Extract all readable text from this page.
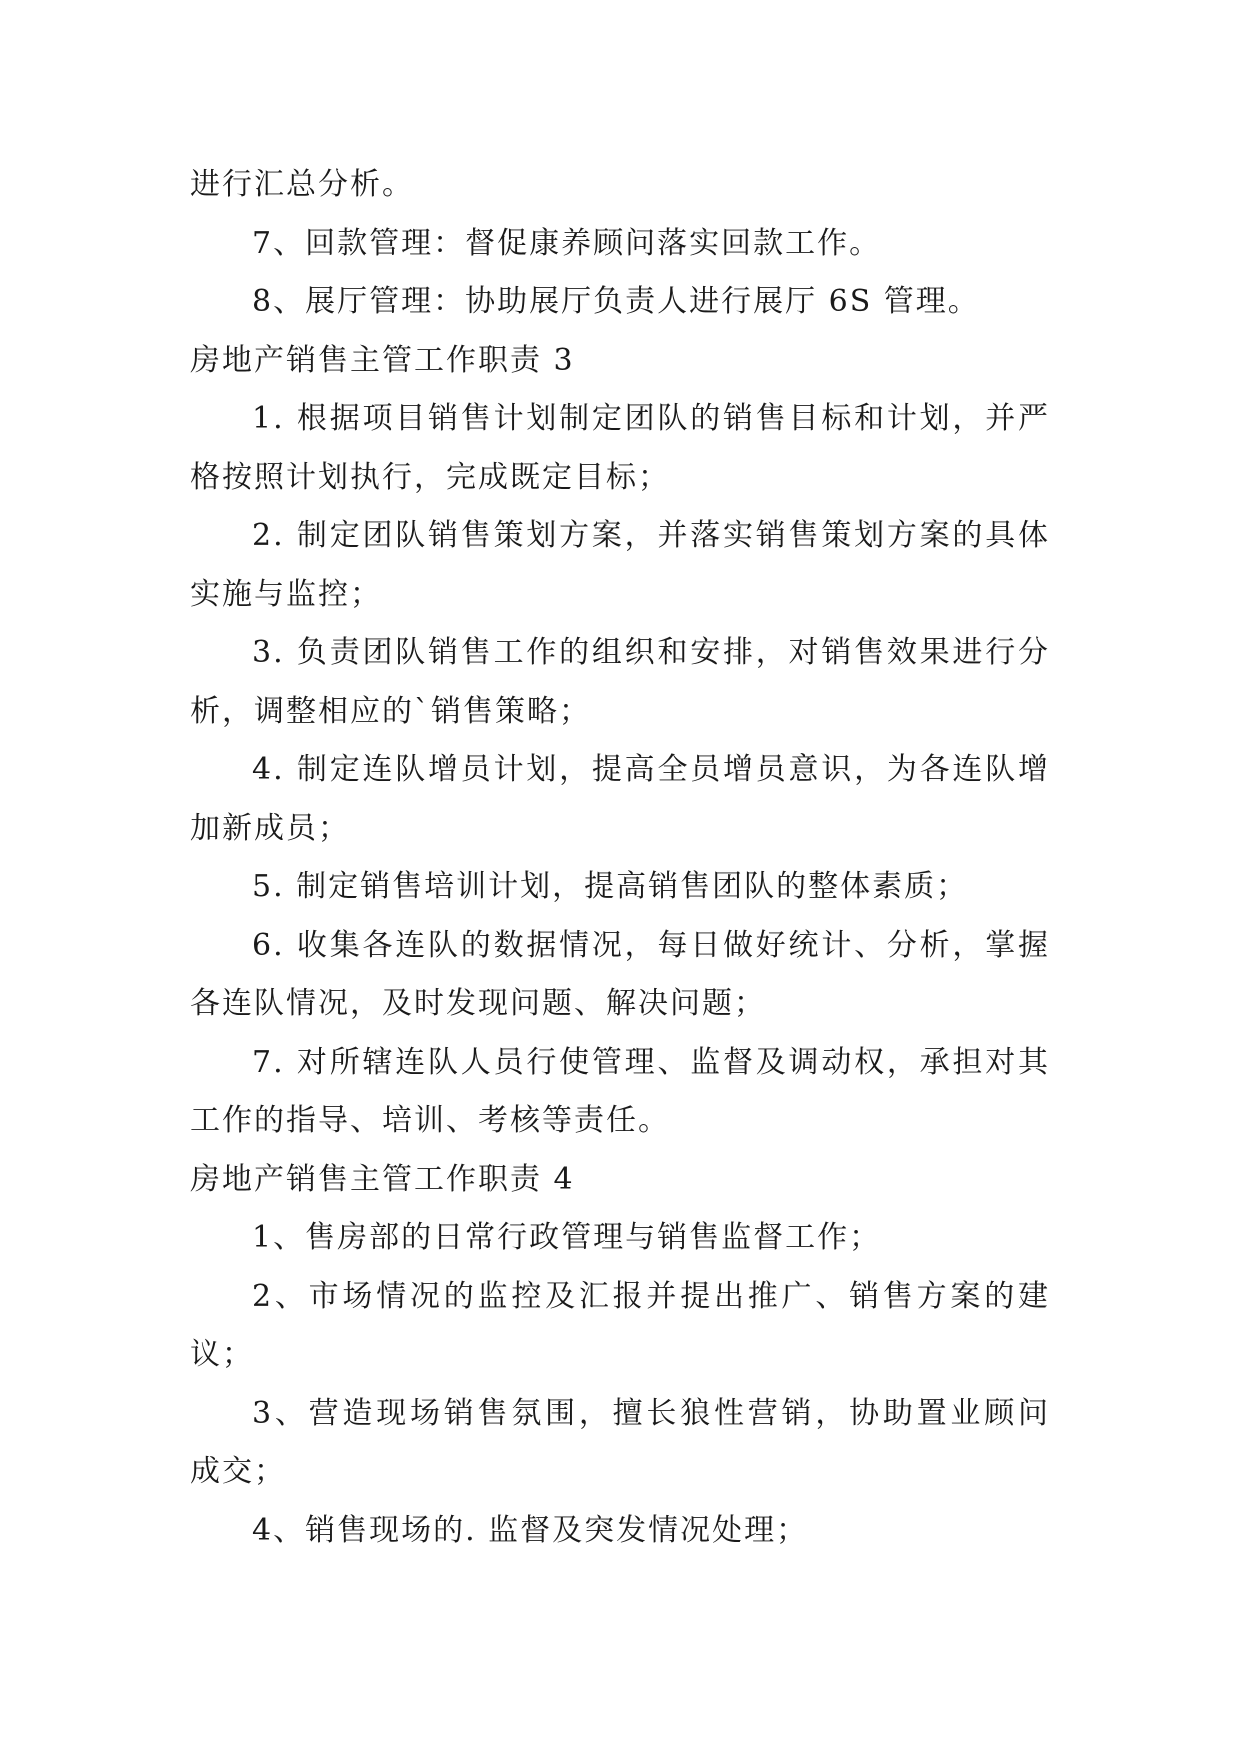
进行汇总分析。
7、回款管理：督促康养顾问落实回款工作。
8、展厅管理：协助展厅负责人进行展厅 6S 管理。
房地产销售主管工作职责 3
1. 根据项目销售计划制定团队的销售目标和计划，并严
格按照计划执行，完成既定目标；
2. 制定团队销售策划方案，并落实销售策划方案的具体
实施与监控；
3. 负责团队销售工作的组织和安排，对销售效果进行分
析，调整相应的`销售策略；
4. 制定连队增员计划，提高全员增员意识，为各连队增
加新成员；
5. 制定销售培训计划，提高销售团队的整体素质；
6. 收集各连队的数据情况，每日做好统计、分析，掌握
各连队情况，及时发现问题、解决问题；
7. 对所辖连队人员行使管理、监督及调动权，承担对其
工作的指导、培训、考核等责任。
房地产销售主管工作职责 4
1、售房部的日常行政管理与销售监督工作；
2、市场情况的监控及汇报并提出推广、销售方案的建
议；
3、营造现场销售氛围，擅长狼性营销，协助置业顾问
成交；
4、销售现场的. 监督及突发情况处理；
